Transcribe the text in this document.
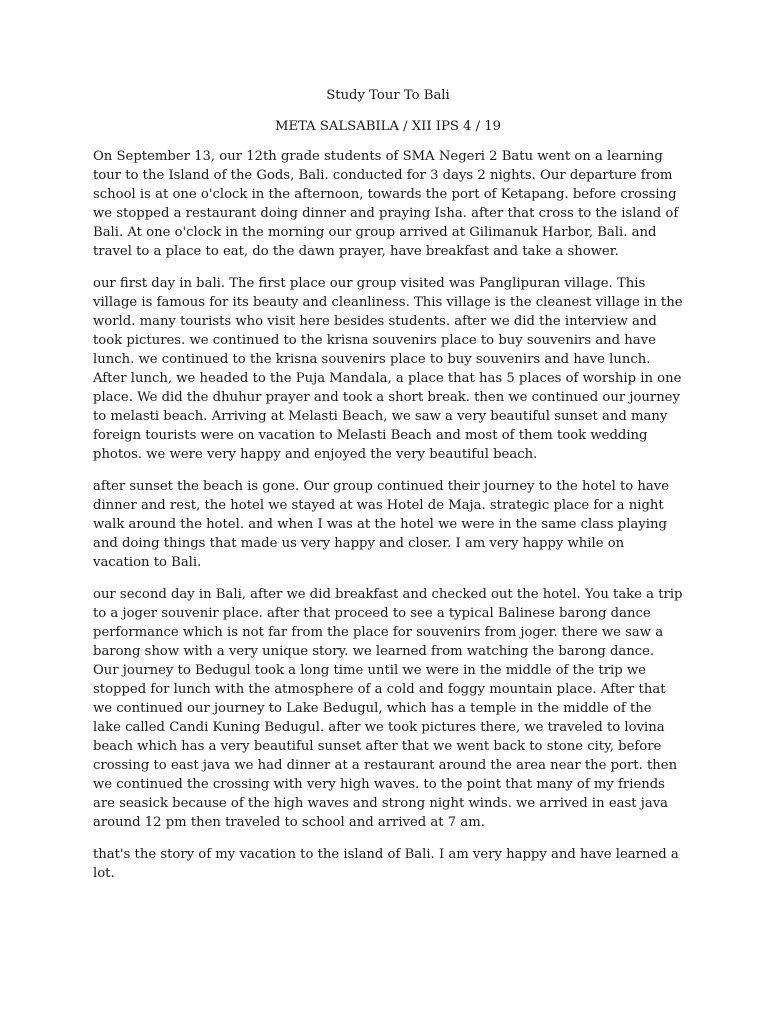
Study Tour To Bali
META SALSABILA / XII IPS 4 / 19

On September 13, our 12th grade students of SMA Negeri 2 Batu went on a learning tour to the Island of the Gods, Bali. conducted for 3 days 2 nights. Our departure from school is at one o'clock in the afternoon, towards the port of Ketapang. before crossing we stopped a restaurant doing dinner and praying Isha. after that cross to the island of Bali. At one o'clock in the morning our group arrived at Gilimanuk Harbor, Bali. and travel to a place to eat, do the dawn prayer, have breakfast and take a shower.

our first day in bali. The first place our group visited was Panglipuran village. This village is famous for its beauty and cleanliness. This village is the cleanest village in the world. many tourists who visit here besides students. after we did the interview and took pictures. we continued to the krisna souvenirs place to buy souvenirs and have lunch. we continued to the krisna souvenirs place to buy souvenirs and have lunch. After lunch, we headed to the Puja Mandala, a place that has 5 places of worship in one place. We did the dhuhur prayer and took a short break. then we continued our journey to melasti beach. Arriving at Melasti Beach, we saw a very beautiful sunset and many foreign tourists were on vacation to Melasti Beach and most of them took wedding photos. we were very happy and enjoyed the very beautiful beach.

after sunset the beach is gone. Our group continued their journey to the hotel to have dinner and rest, the hotel we stayed at was Hotel de Maja. strategic place for a night walk around the hotel. and when I was at the hotel we were in the same class playing and doing things that made us very happy and closer. I am very happy while on vacation to Bali.

our second day in Bali, after we did breakfast and checked out the hotel. You take a trip to a joger souvenir place. after that proceed to see a typical Balinese barong dance performance which is not far from the place for souvenirs from joger. there we saw a barong show with a very unique story. we learned from watching the barong dance. Our journey to Bedugul took a long time until we were in the middle of the trip we stopped for lunch with the atmosphere of a cold and foggy mountain place. After that we continued our journey to Lake Bedugul, which has a temple in the middle of the lake called Candi Kuning Bedugul. after we took pictures there, we traveled to lovina beach which has a very beautiful sunset after that we went back to stone city, before crossing to east java we had dinner at a restaurant around the area near the port. then we continued the crossing with very high waves. to the point that many of my friends are seasick because of the high waves and strong night winds. we arrived in east java around 12 pm then traveled to school and arrived at 7 am.

that's the story of my vacation to the island of Bali. I am very happy and have learned a lot.
